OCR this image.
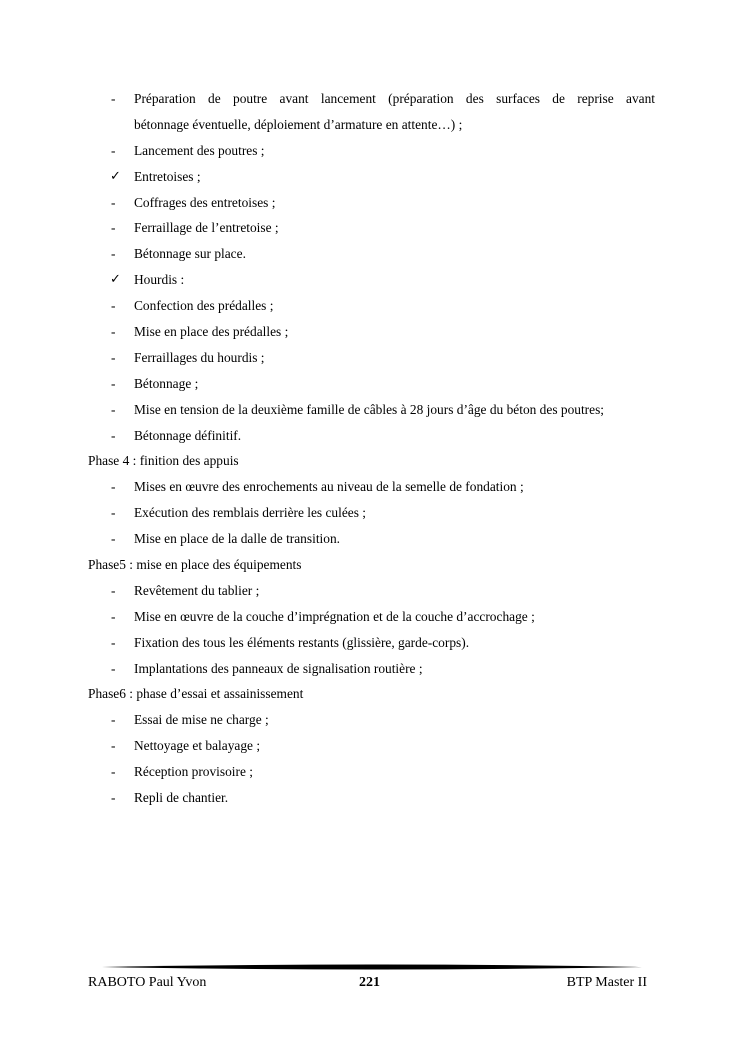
-	Préparation de poutre avant lancement (préparation des surfaces de reprise avant
bétonnage éventuelle, déploiement d’armature en attente…) ;
-	Lancement des poutres ;
✓ Entretoises ;
-	Coffrages des entretoises ;
-	Ferraillage de l’entretoise ;
-	Bétonnage sur place.
✓ Hourdis :
-	Confection des prédalles ;
-	Mise en place des prédalles ;
-	Ferraillages du hourdis ;
-	Bétonnage ;
-	Mise en tension de la deuxième famille de câbles à 28 jours d’âge du béton des poutres;
-	Bétonnage définitif.
Phase 4 : finition des appuis
-	Mises en œuvre des enrochements au niveau de la semelle de fondation ;
-	Exécution des remblais derrière les culées ;
-	Mise en place de la dalle de transition.
Phase5 : mise en place des équipements
-	Revêtement du tablier ;
-	Mise en œuvre de la couche d’imprégnation et de la couche d’accrochage ;
-	Fixation des tous les éléments restants (glissière, garde-corps).
-	Implantations des panneaux de signalisation routière ;
Phase6 : phase d’essai et assainissement
-	Essai de mise ne charge ;
-	Nettoyage et balayage ;
-	Réception provisoire ;
-	Repli de chantier.
RABOTO Paul Yvon	221	BTP Master II
